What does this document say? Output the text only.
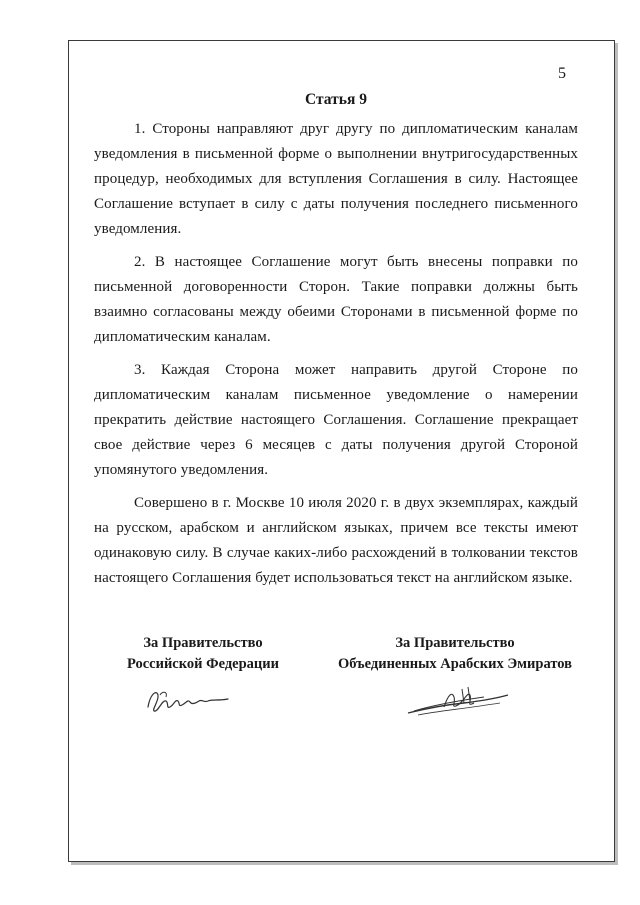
5
Статья 9

1. Стороны направляют друг другу по дипломатическим каналам уведомления в письменной форме о выполнении внутригосударственных процедур, необходимых для вступления Соглашения в силу. Настоящее Соглашение вступает в силу с даты получения последнего письменного уведомления.

2. В настоящее Соглашение могут быть внесены поправки по письменной договоренности Сторон. Такие поправки должны быть взаимно согласованы между обеими Сторонами в письменной форме по дипломатическим каналам.

3. Каждая Сторона может направить другой Стороне по дипломатическим каналам письменное уведомление о намерении прекратить действие настоящего Соглашения. Соглашение прекращает свое действие через 6 месяцев с даты получения другой Стороной упомянутого уведомления.

Совершено в г. Москве 10 июля 2020 г. в двух экземплярах, каждый на русском, арабском и английском языках, причем все тексты имеют одинаковую силу. В случае каких-либо расхождений в толковании текстов настоящего Соглашения будет использоваться текст на английском языке.

За Правительство
Российской Федерации
За Правительство
Объединенных Арабских Эмиратов
